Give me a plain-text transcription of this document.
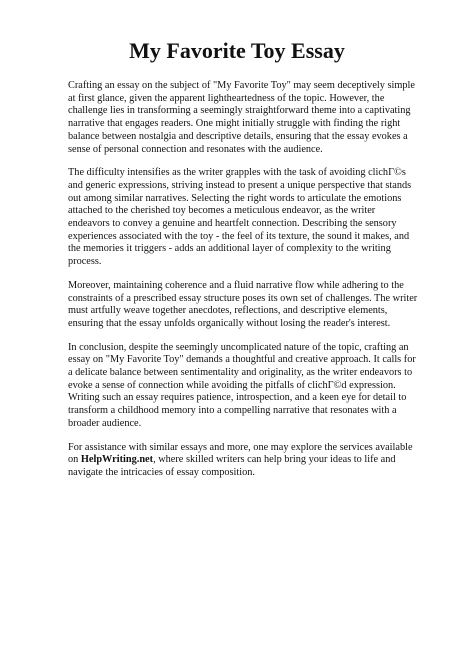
My Favorite Toy Essay

Crafting an essay on the subject of "My Favorite Toy" may seem deceptively simple at first glance, given the apparent lightheartedness of the topic. However, the challenge lies in transforming a seemingly straightforward theme into a captivating narrative that engages readers. One might initially struggle with finding the right balance between nostalgia and descriptive details, ensuring that the essay evokes a sense of personal connection and resonates with the audience.

The difficulty intensifies as the writer grapples with the task of avoiding clichГ©s and generic expressions, striving instead to present a unique perspective that stands out among similar narratives. Selecting the right words to articulate the emotions attached to the cherished toy becomes a meticulous endeavor, as the writer endeavors to convey a genuine and heartfelt connection. Describing the sensory experiences associated with the toy - the feel of its texture, the sound it makes, and the memories it triggers - adds an additional layer of complexity to the writing process.

Moreover, maintaining coherence and a fluid narrative flow while adhering to the constraints of a prescribed essay structure poses its own set of challenges. The writer must artfully weave together anecdotes, reflections, and descriptive elements, ensuring that the essay unfolds organically without losing the reader's interest.

In conclusion, despite the seemingly uncomplicated nature of the topic, crafting an essay on "My Favorite Toy" demands a thoughtful and creative approach. It calls for a delicate balance between sentimentality and originality, as the writer endeavors to evoke a sense of connection while avoiding the pitfalls of clichГ©d expression. Writing such an essay requires patience, introspection, and a keen eye for detail to transform a childhood memory into a compelling narrative that resonates with a broader audience.

For assistance with similar essays and more, one may explore the services available on HelpWriting.net, where skilled writers can help bring your ideas to life and navigate the intricacies of essay composition.
